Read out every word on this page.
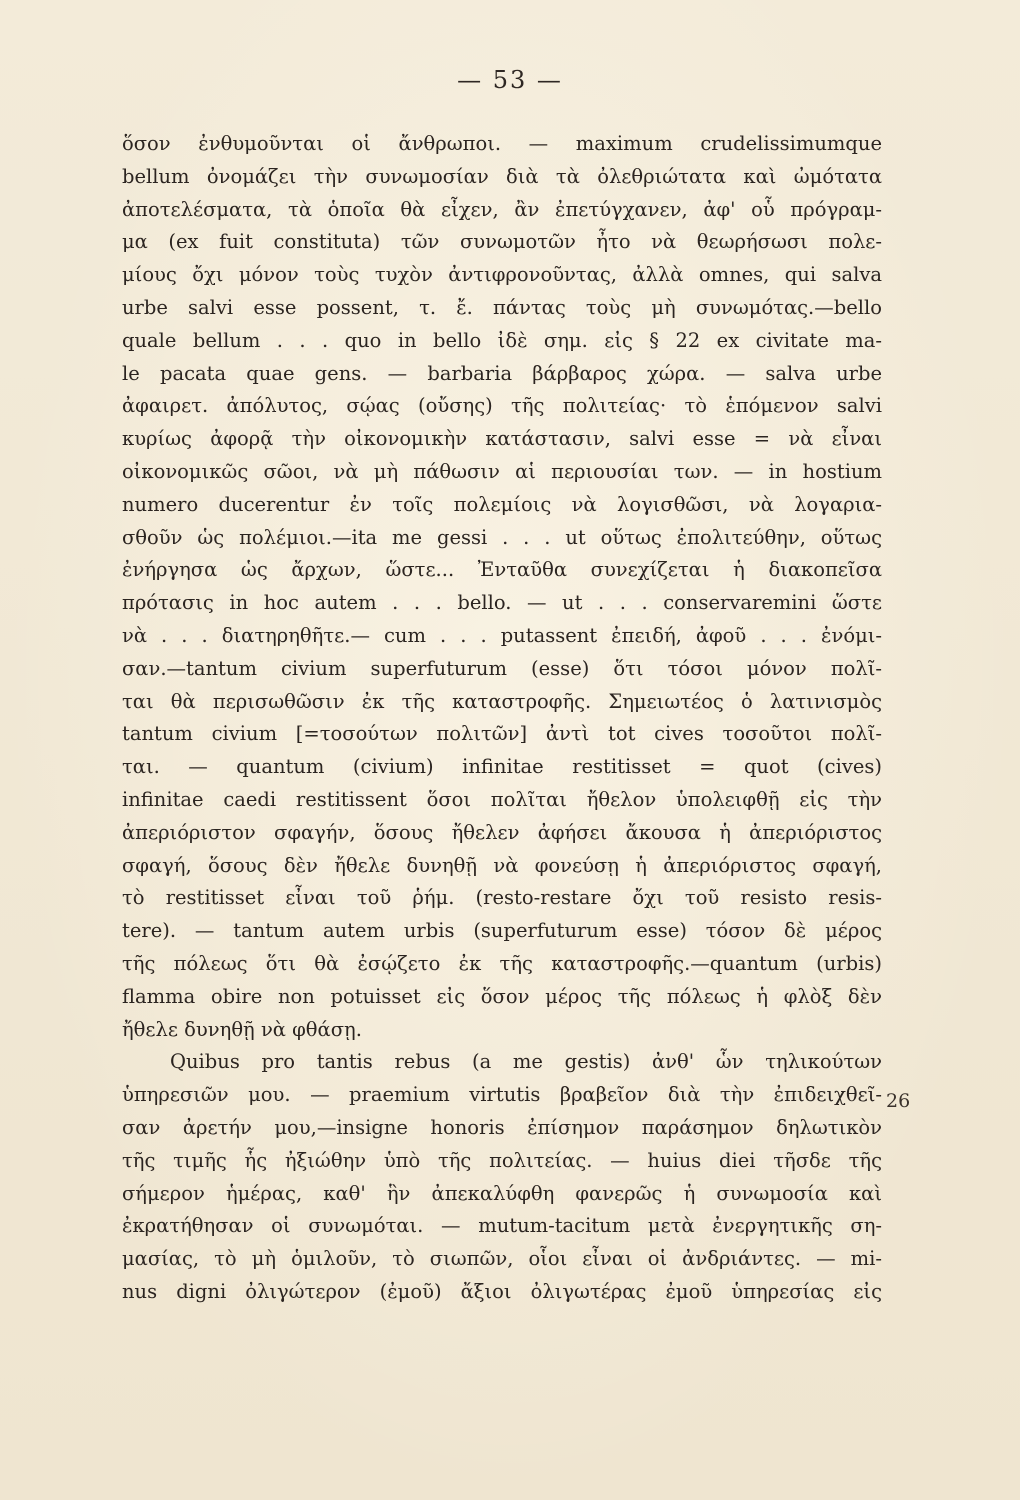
— 53 —
ὅσον ἐνθυμοῦνται οἱ ἄνθρωποι. — maximum crudelissimumque
bellum ὀνομάζει τὴν συνωμοσίαν διὰ τὰ ὀλεθριώτατα καὶ ὠμότατα
ἀποτελέσματα, τὰ ὁποῖα θὰ εἶχεν, ἂν ἐπετύγχανεν, ἀφ' οὗ πρόγραμ-
μα (ex fuit constituta) τῶν συνωμοτῶν ἦτο νὰ θεωρήσωσι πολε-
μίους ὄχι μόνον τοὺς τυχὸν ἀντιφρονοῦντας, ἀλλὰ omnes, qui salva
urbe salvi esse possent, τ. ἔ. πάντας τοὺς μὴ συνωμότας.—bello
quale bellum . . . quo in bello ἰδὲ σημ. εἰς § 22 ex civitate ma-
le pacata quae gens. — barbaria βάρβαρος χώρα. — salva urbe
ἀφαιρετ. ἀπόλυτος, σῴας (οὔσης) τῆς πολιτείας· τὸ ἑπόμενον salvi
κυρίως ἀφορᾷ τὴν οἰκονομικὴν κατάστασιν, salvi esse = νὰ εἶναι
οἰκονομικῶς σῶοι, νὰ μὴ πάθωσιν αἱ περιουσίαι των. — in hostium
numero ducerentur ἐν τοῖς πολεμίοις νὰ λογισθῶσι, νὰ λογαρια-
σθοῦν ὡς πολέμιοι.—ita me gessi . . . ut οὕτως ἐπολιτεύθην, οὕτως
ἐνήργησα ὡς ἄρχων, ὥστε... Ἐνταῦθα συνεχίζεται ἡ διακοπεῖσα
πρότασις in hoc autem . . . bello. — ut . . . conservaremini ὥστε
νὰ . . . διατηρηθῆτε.— cum . . . putassent ἐπειδή, ἀφοῦ . . . ἐνόμι-
σαν.—tantum civium superfuturum (esse) ὅτι τόσοι μόνον πολῖ-
ται θὰ περισωθῶσιν ἐκ τῆς καταστροφῆς. Σημειωτέος ὁ λατινισμὸς
tantum civium [=τοσούτων πολιτῶν] ἀντὶ tot cives τοσοῦτοι πολῖ-
ται. — quantum (civium) infinitae restitisset = quot (cives)
infinitae caedi restitissent ὅσοι πολῖται ἤθελον ὑπολειφθῇ εἰς τὴν
ἀπεριόριστον σφαγήν, ὅσους ἤθελεν ἀφήσει ἄκουσα ἡ ἀπεριόριστος
σφαγή, ὅσους δὲν ἤθελε δυνηθῇ νὰ φονεύσῃ ἡ ἀπεριόριστος σφαγή,
τὸ restitisset εἶναι τοῦ ῥήμ. (resto-restare ὄχι τοῦ resisto resis-
tere). — tantum autem urbis (superfuturum esse) τόσον δὲ μέρος
τῆς πόλεως ὅτι θὰ ἐσῴζετο ἐκ τῆς καταστροφῆς.—quantum (urbis)
flamma obire non potuisset εἰς ὅσον μέρος τῆς πόλεως ἡ φλὸξ δὲν
ἤθελε δυνηθῇ νὰ φθάσῃ.
Quibus pro tantis rebus (a me gestis) ἀνθ' ὧν τηλικούτων
ὑπηρεσιῶν μου. — praemium virtutis βραβεῖον διὰ τὴν ἐπιδειχθεῖ-
σαν ἀρετήν μου,—insigne honoris ἐπίσημον παράσημον δηλωτικὸν
τῆς τιμῆς ἧς ἠξιώθην ὑπὸ τῆς πολιτείας. — huius diei τῆσδε τῆς
σήμερον ἡμέρας, καθ' ἣν ἀπεκαλύφθη φανερῶς ἡ συνωμοσία καὶ
ἐκρατήθησαν οἱ συνωμόται. — mutum-tacitum μετὰ ἐνεργητικῆς ση-
μασίας, τὸ μὴ ὁμιλοῦν, τὸ σιωπῶν, οἷοι εἶναι οἱ ἀνδριάντες. — mi-
nus digni ὀλιγώτερον (ἐμοῦ) ἄξιοι ὀλιγωτέρας ἐμοῦ ὑπηρεσίας εἰς
26
